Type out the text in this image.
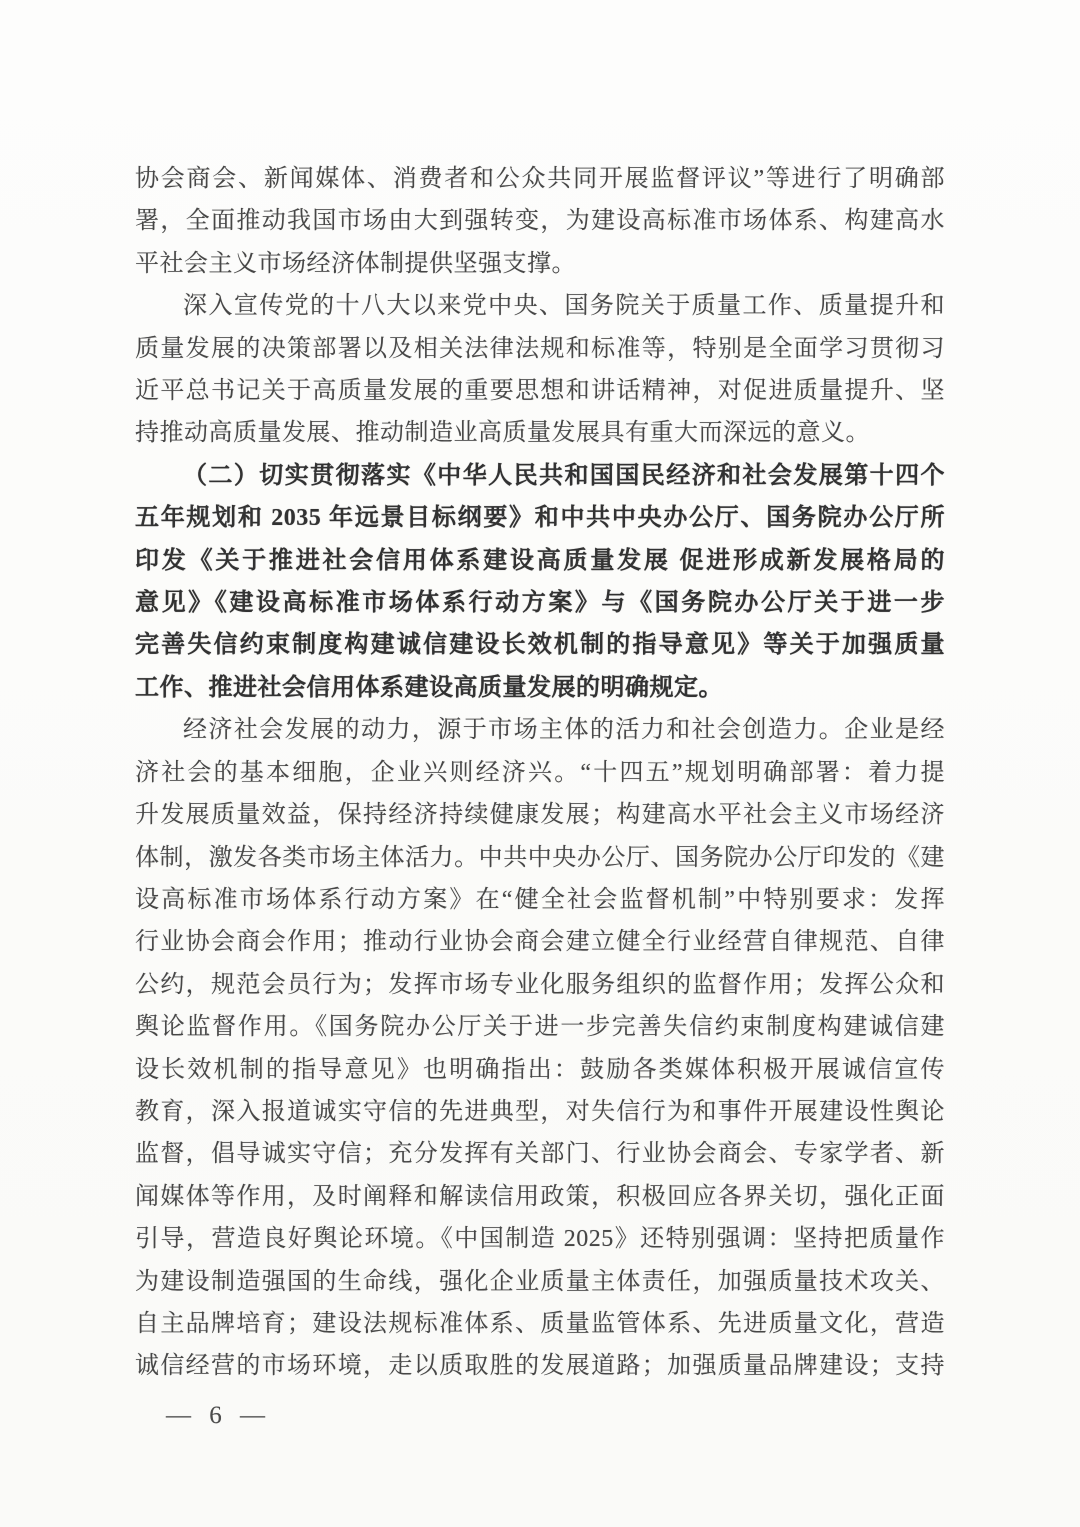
协会商会、新闻媒体、消费者和公众共同开展监督评议”等进行了明确部
署，全面推动我国市场由大到强转变，为建设高标准市场体系、构建高水
平社会主义市场经济体制提供坚强支撑。
深入宣传党的十八大以来党中央、国务院关于质量工作、质量提升和
质量发展的决策部署以及相关法律法规和标准等，特别是全面学习贯彻习
近平总书记关于高质量发展的重要思想和讲话精神，对促进质量提升、坚
持推动高质量发展、推动制造业高质量发展具有重大而深远的意义。
（二）切实贯彻落实《中华人民共和国国民经济和社会发展第十四个
五年规划和 2035 年远景目标纲要》和中共中央办公厅、国务院办公厅所
印发《关于推进社会信用体系建设高质量发展 促进形成新发展格局的
意见》《建设高标准市场体系行动方案》与《国务院办公厅关于进一步
完善失信约束制度构建诚信建设长效机制的指导意见》等关于加强质量
工作、推进社会信用体系建设高质量发展的明确规定。
经济社会发展的动力，源于市场主体的活力和社会创造力。企业是经
济社会的基本细胞，企业兴则经济兴。“十四五”规划明确部署：着力提
升发展质量效益，保持经济持续健康发展；构建高水平社会主义市场经济
体制，激发各类市场主体活力。中共中央办公厅、国务院办公厅印发的《建
设高标准市场体系行动方案》在“健全社会监督机制”中特别要求：发挥
行业协会商会作用；推动行业协会商会建立健全行业经营自律规范、自律
公约，规范会员行为；发挥市场专业化服务组织的监督作用；发挥公众和
舆论监督作用。《国务院办公厅关于进一步完善失信约束制度构建诚信建
设长效机制的指导意见》也明确指出：鼓励各类媒体积极开展诚信宣传
教育，深入报道诚实守信的先进典型，对失信行为和事件开展建设性舆论
监督，倡导诚实守信；充分发挥有关部门、行业协会商会、专家学者、新
闻媒体等作用，及时阐释和解读信用政策，积极回应各界关切，强化正面
引导，营造良好舆论环境。《中国制造 2025》还特别强调：坚持把质量作
为建设制造强国的生命线，强化企业质量主体责任，加强质量技术攻关、
自主品牌培育；建设法规标准体系、质量监管体系、先进质量文化，营造
诚信经营的市场环境，走以质取胜的发展道路；加强质量品牌建设；支持
— 6 —
